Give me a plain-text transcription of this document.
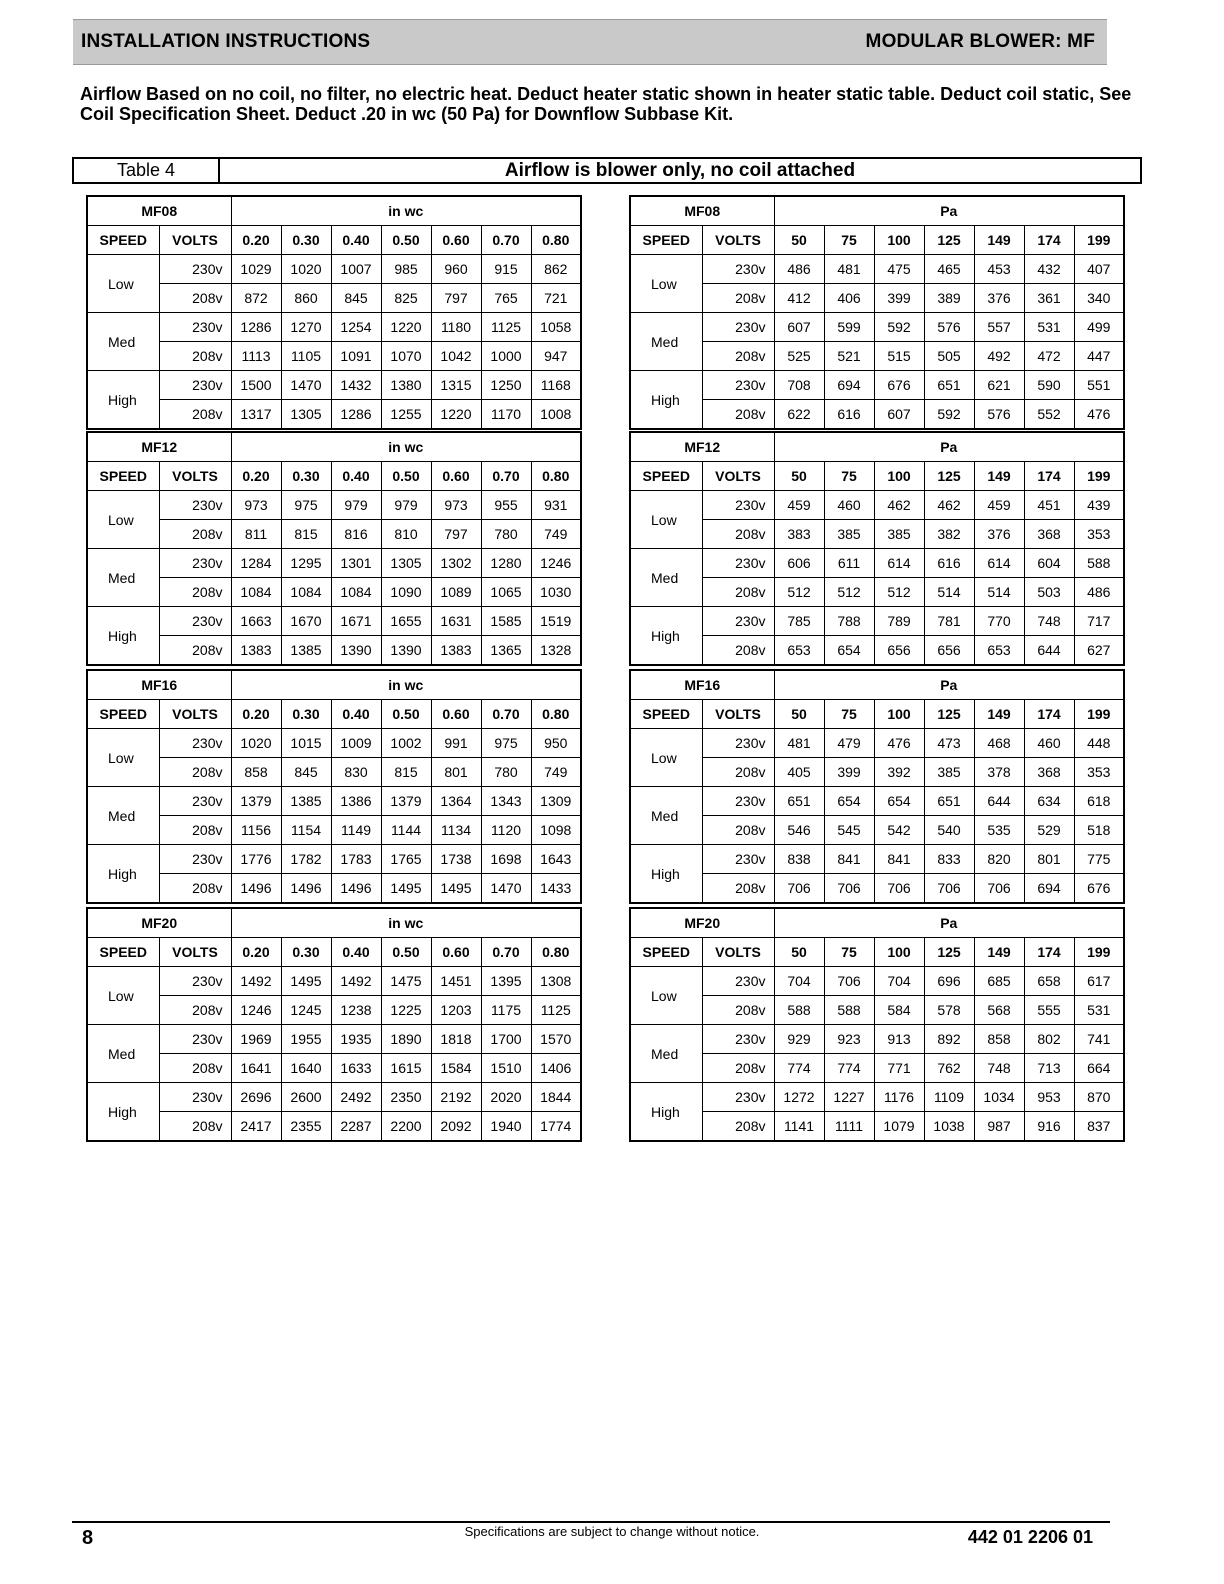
INSTALLATION INSTRUCTIONS	MODULAR BLOWER: MF
Airflow Based on no coil, no filter, no electric heat. Deduct heater static shown in heater static table. Deduct coil static, See Coil Specification Sheet. Deduct .20 in wc (50 Pa) for Downflow Subbase Kit.
Table 4	Airflow is blower only, no coil attached
MF08		in wc						
SPEED	VOLTS	0.20	0.30	0.40	0.50	0.60	0.70	0.80
Low	230v	1029	1020	1007	985	960	915	862
	208v	872	860	845	825	797	765	721
Med	230v	1286	1270	1254	1220	1180	1125	1058
	208v	1113	1105	1091	1070	1042	1000	947
High	230v	1500	1470	1432	1380	1315	1250	1168
	208v	1317	1305	1286	1255	1220	1170	1008
MF08		Pa						
SPEED	VOLTS	50	75	100	125	149	174	199
Low	230v	486	481	475	465	453	432	407
	208v	412	406	399	389	376	361	340
Med	230v	607	599	592	576	557	531	499
	208v	525	521	515	505	492	472	447
High	230v	708	694	676	651	621	590	551
	208v	622	616	607	592	576	552	476
MF12		in wc						
SPEED	VOLTS	0.20	0.30	0.40	0.50	0.60	0.70	0.80
Low	230v	973	975	979	979	973	955	931
	208v	811	815	816	810	797	780	749
Med	230v	1284	1295	1301	1305	1302	1280	1246
	208v	1084	1084	1084	1090	1089	1065	1030
High	230v	1663	1670	1671	1655	1631	1585	1519
	208v	1383	1385	1390	1390	1383	1365	1328
MF12		Pa						
SPEED	VOLTS	50	75	100	125	149	174	199
Low	230v	459	460	462	462	459	451	439
	208v	383	385	385	382	376	368	353
Med	230v	606	611	614	616	614	604	588
	208v	512	512	512	514	514	503	486
High	230v	785	788	789	781	770	748	717
	208v	653	654	656	656	653	644	627
MF16		in wc						
SPEED	VOLTS	0.20	0.30	0.40	0.50	0.60	0.70	0.80
Low	230v	1020	1015	1009	1002	991	975	950
	208v	858	845	830	815	801	780	749
Med	230v	1379	1385	1386	1379	1364	1343	1309
	208v	1156	1154	1149	1144	1134	1120	1098
High	230v	1776	1782	1783	1765	1738	1698	1643
	208v	1496	1496	1496	1495	1495	1470	1433
MF16		Pa						
SPEED	VOLTS	50	75	100	125	149	174	199
Low	230v	481	479	476	473	468	460	448
	208v	405	399	392	385	378	368	353
Med	230v	651	654	654	651	644	634	618
	208v	546	545	542	540	535	529	518
High	230v	838	841	841	833	820	801	775
	208v	706	706	706	706	706	694	676
MF20		in wc						
SPEED	VOLTS	0.20	0.30	0.40	0.50	0.60	0.70	0.80
Low	230v	1492	1495	1492	1475	1451	1395	1308
	208v	1246	1245	1238	1225	1203	1175	1125
Med	230v	1969	1955	1935	1890	1818	1700	1570
	208v	1641	1640	1633	1615	1584	1510	1406
High	230v	2696	2600	2492	2350	2192	2020	1844
	208v	2417	2355	2287	2200	2092	1940	1774
MF20		Pa						
SPEED	VOLTS	50	75	100	125	149	174	199
Low	230v	704	706	704	696	685	658	617
	208v	588	588	584	578	568	555	531
Med	230v	929	923	913	892	858	802	741
	208v	774	774	771	762	748	713	664
High	230v	1272	1227	1176	1109	1034	953	870
	208v	1141	1111	1079	1038	987	916	837
8	Specifications are subject to change without notice.	442 01 2206 01
